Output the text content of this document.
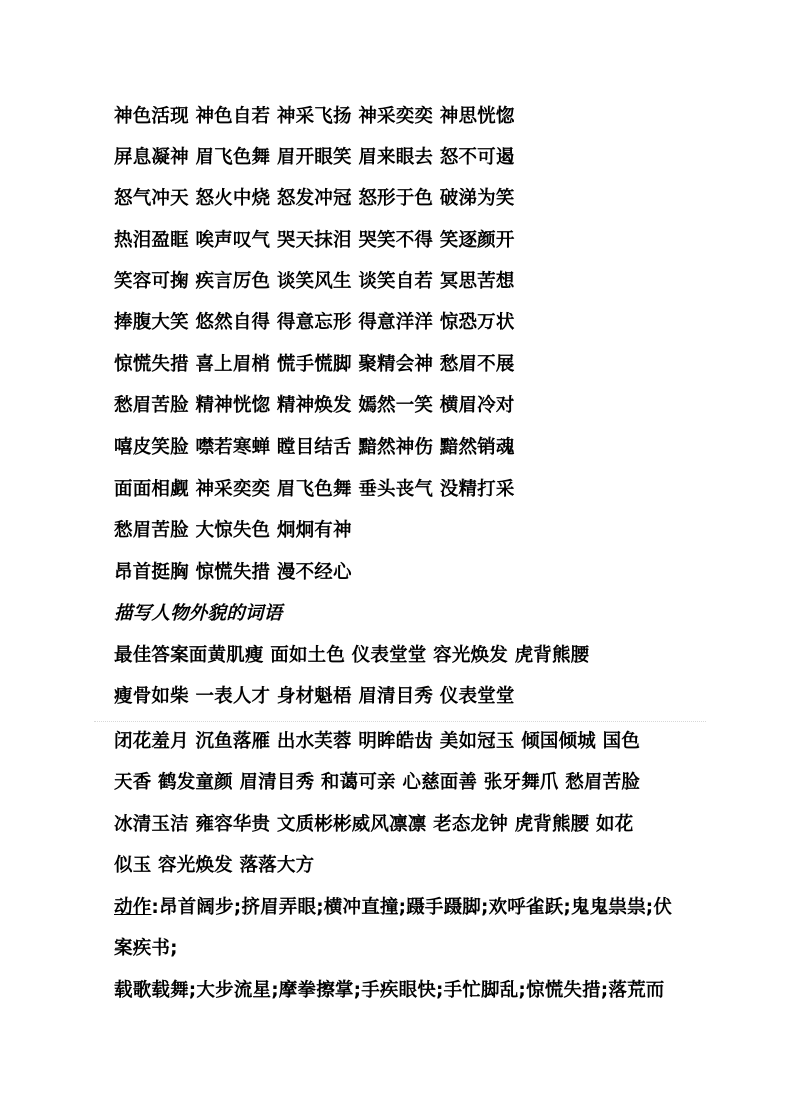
神色活现 神色自若 神采飞扬 神采奕奕 神思恍惚
屏息凝神 眉飞色舞 眉开眼笑 眉来眼去 怒不可遏
怒气冲天 怒火中烧 怒发冲冠 怒形于色 破涕为笑
热泪盈眶 唉声叹气 哭天抹泪 哭笑不得 笑逐颜开
笑容可掬 疾言厉色 谈笑风生 谈笑自若 冥思苦想
捧腹大笑 悠然自得 得意忘形 得意洋洋 惊恐万状
惊慌失措 喜上眉梢 慌手慌脚 聚精会神 愁眉不展
愁眉苦脸 精神恍惚 精神焕发 嫣然一笑 横眉冷对
嘻皮笑脸 噤若寒蝉 瞠目结舌 黯然神伤 黯然销魂
面面相觑 神采奕奕 眉飞色舞 垂头丧气 没精打采
愁眉苦脸 大惊失色 炯炯有神
昂首挺胸 惊慌失措 漫不经心
描写人物外貌的词语
最佳答案面黄肌瘦 面如土色 仪表堂堂 容光焕发 虎背熊腰
瘦骨如柴 一表人才 身材魁梧 眉清目秀 仪表堂堂
闭花羞月 沉鱼落雁 出水芙蓉 明眸皓齿 美如冠玉 倾国倾城 国色
天香 鹤发童颜 眉清目秀 和蔼可亲 心慈面善 张牙舞爪 愁眉苦脸
冰清玉洁 雍容华贵 文质彬彬威风凛凛 老态龙钟 虎背熊腰 如花
似玉 容光焕发 落落大方
动作:昂首阔步;挤眉弄眼;横冲直撞;蹑手蹑脚;欢呼雀跃;鬼鬼祟祟;伏
案疾书;
载歌载舞;大步流星;摩拳擦掌;手疾眼快;手忙脚乱;惊慌失措;落荒而
